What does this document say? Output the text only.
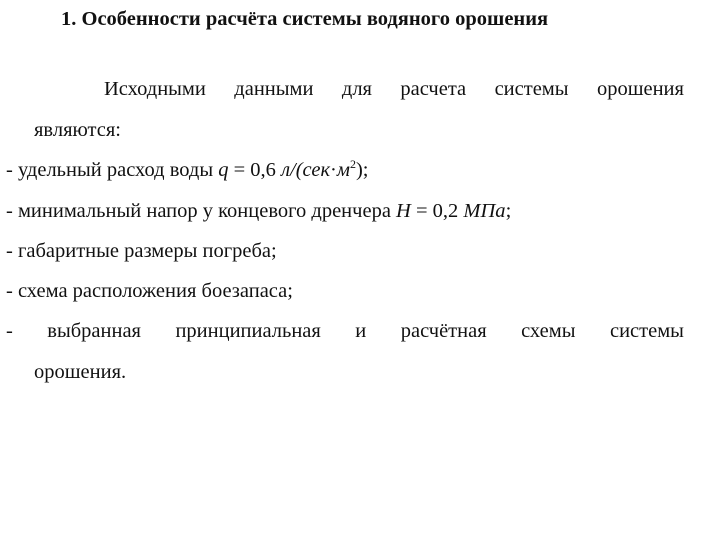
1. Особенности расчёта системы водяного орошения
Исходными данными для расчета системы орошения
являются:
- удельный расход воды q = 0,6 $л/(сек\cdot м^2)$;
- минимальный напор у концевого дренчера H = 0,2 МПа;
- габаритные размеры погреба;
- схема расположения боезапаса;
- выбранная принципиальная и расчётная схемы системы
орошения.
